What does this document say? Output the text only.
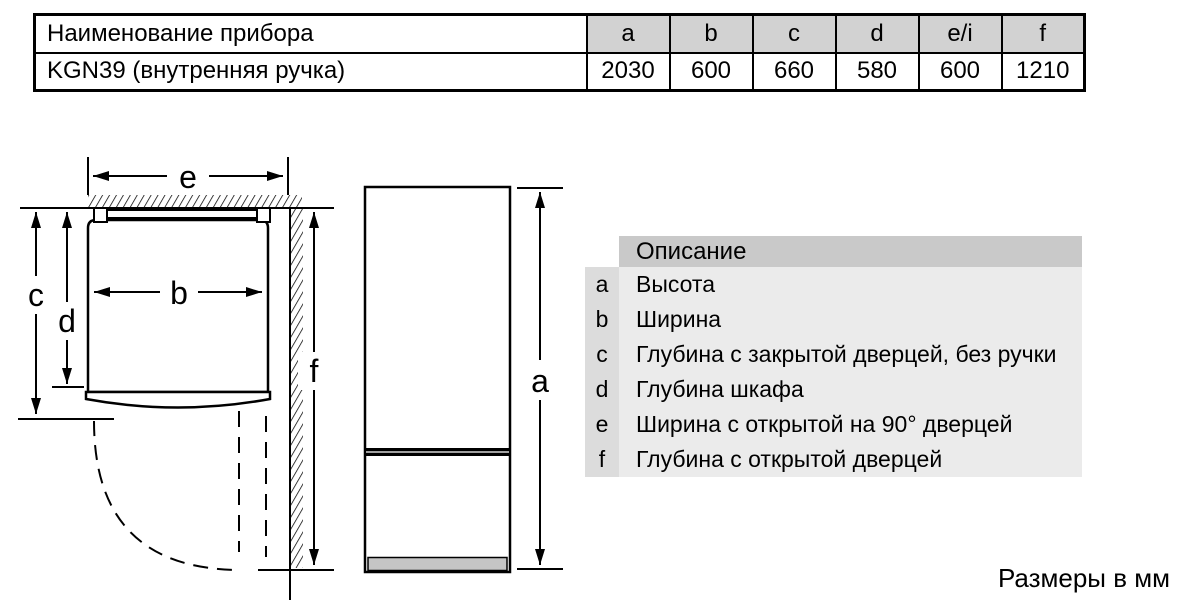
Наименование прибора	a	b	c	d	e/i	f
KGN39 (внутренняя ручка)	2030	600	660	580	600	1210
e
b
c
d
f	a
Описание
a	Высота
b	Ширина
c	Глубина с закрытой дверцей, без ручки
d	Глубина шкафа
e	Ширина с открытой на 90° дверцей
f	Глубина с открытой дверцей
Размеры в мм
